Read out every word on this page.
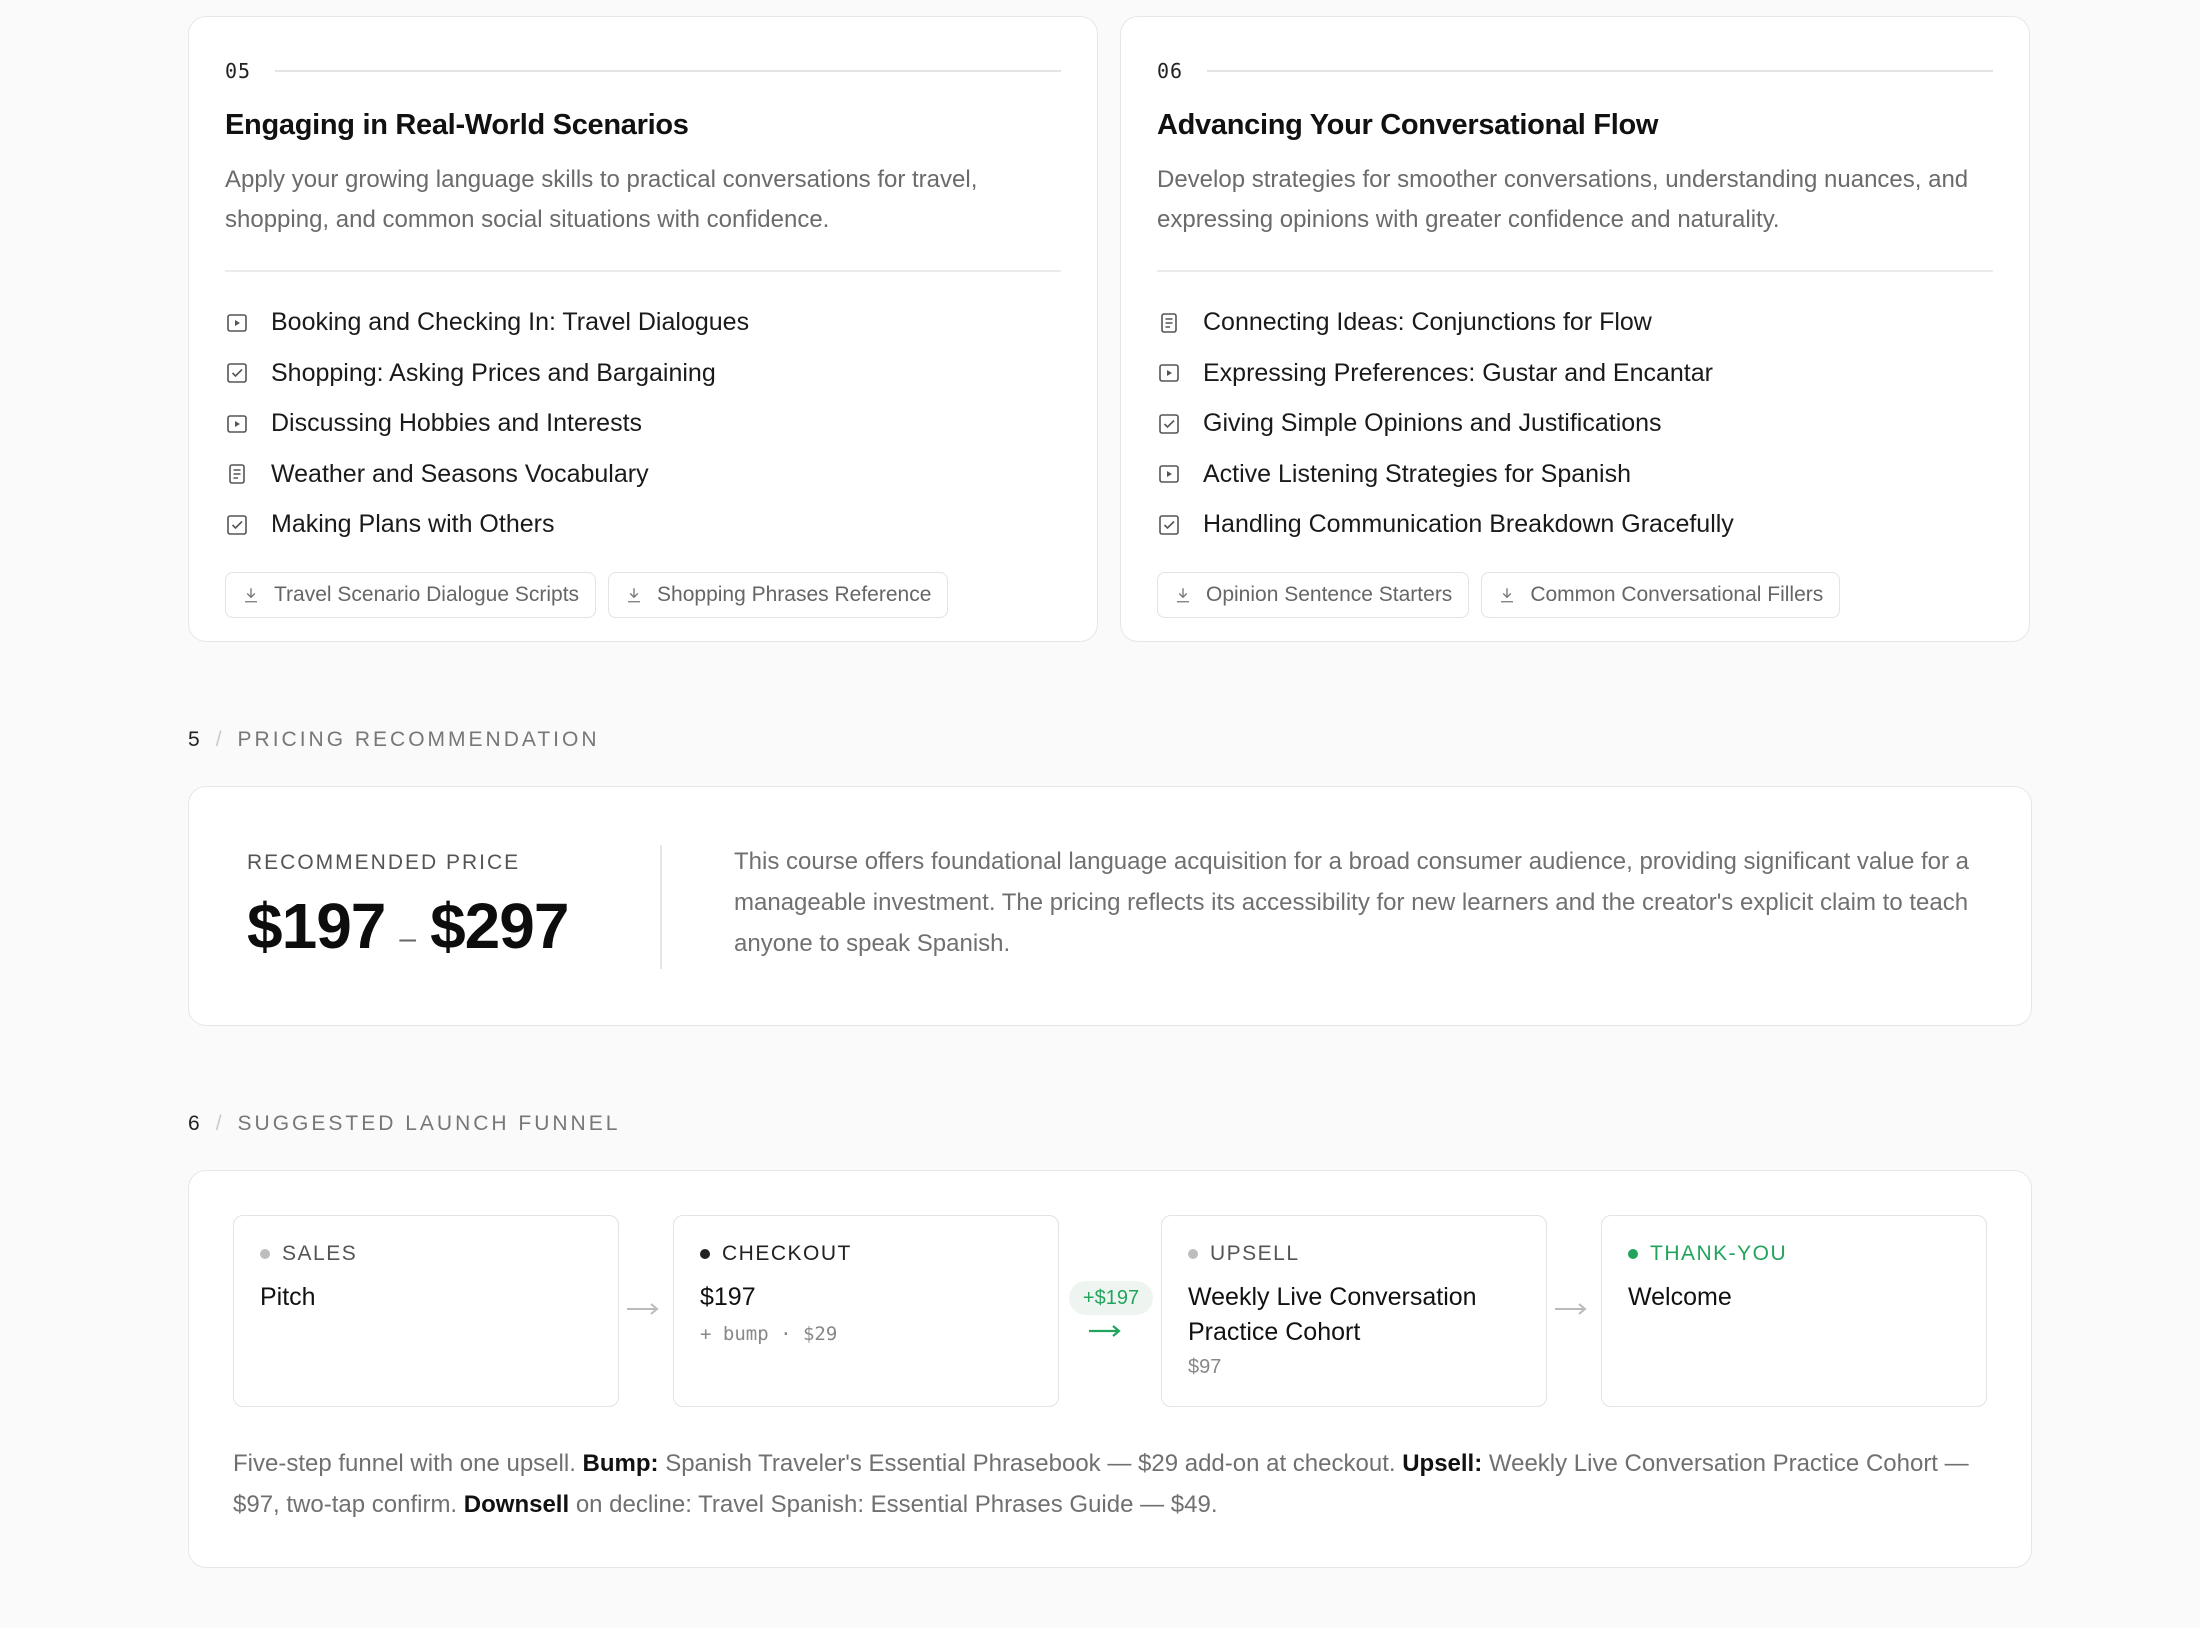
05
Engaging in Real-World Scenarios
Apply your growing language skills to practical conversations for travel, shopping, and common social situations with confidence.
Booking and Checking In: Travel Dialogues
Shopping: Asking Prices and Bargaining
Discussing Hobbies and Interests
Weather and Seasons Vocabulary
Making Plans with Others
Travel Scenario Dialogue Scripts	Shopping Phrases Reference
06
Advancing Your Conversational Flow
Develop strategies for smoother conversations, understanding nuances, and expressing opinions with greater confidence and naturality.
Connecting Ideas: Conjunctions for Flow
Expressing Preferences: Gustar and Encantar
Giving Simple Opinions and Justifications
Active Listening Strategies for Spanish
Handling Communication Breakdown Gracefully
Opinion Sentence Starters	Common Conversational Fillers
5 / PRICING RECOMMENDATION
RECOMMENDED PRICE
$197 – $297
This course offers foundational language acquisition for a broad consumer audience, providing significant value for a manageable investment. The pricing reflects its accessibility for new learners and the creator's explicit claim to teach anyone to speak Spanish.
6 / SUGGESTED LAUNCH FUNNEL
SALES
Pitch
CHECKOUT
$197
+ bump · $29
+$197
UPSELL
Weekly Live Conversation Practice Cohort
$97
THANK-YOU
Welcome
Five-step funnel with one upsell. Bump: Spanish Traveler's Essential Phrasebook — $29 add-on at checkout. Upsell: Weekly Live Conversation Practice Cohort — $97, two-tap confirm. Downsell on decline: Travel Spanish: Essential Phrases Guide — $49.
